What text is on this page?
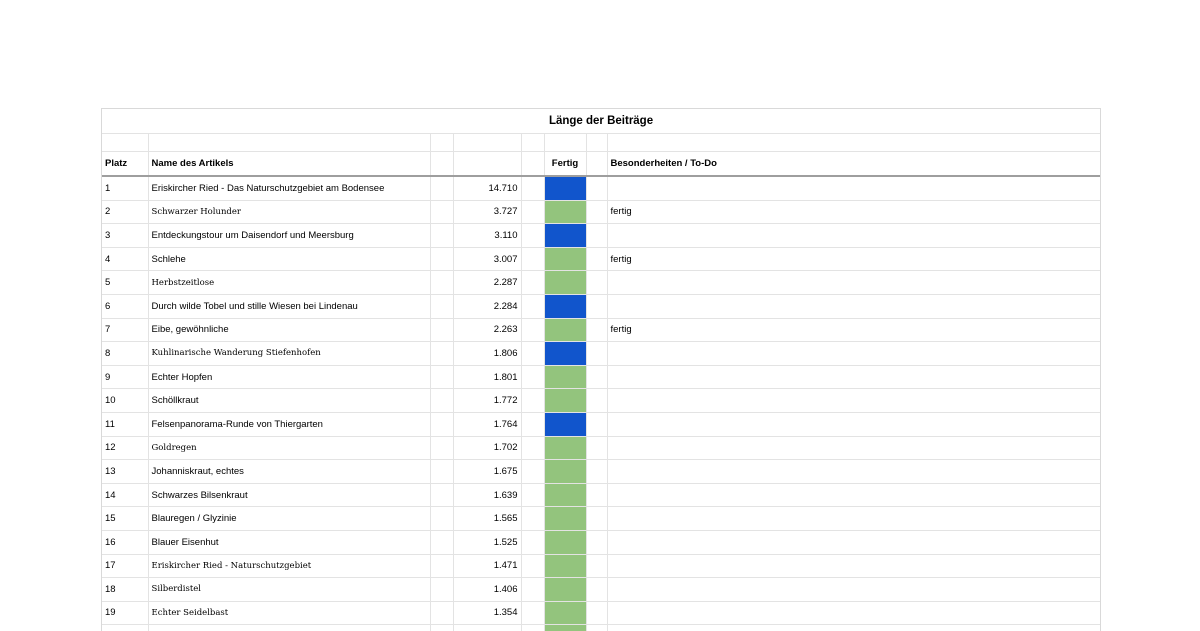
Länge der Beiträge							

Platz	Name des Artikels				Fertig		Besonderheiten / To-Do
1	Eriskircher Ried - Das Naturschutzgebiet am Bodensee		14.710				
2	Schwarzer Holunder		3.727				fertig
3	Entdeckungstour um Daisendorf und Meersburg		3.110				
4	Schlehe		3.007				fertig
5	Herbstzeitlose		2.287				
6	Durch wilde Tobel und stille Wiesen bei Lindenau		2.284				
7	Eibe, gewöhnliche		2.263				fertig
8	Kuhlinarische Wanderung Stiefenhofen		1.806				
9	Echter Hopfen		1.801				
10	Schöllkraut		1.772				
11	Felsenpanorama-Runde von Thiergarten		1.764				
12	Goldregen		1.702				
13	Johanniskraut, echtes		1.675				
14	Schwarzes Bilsenkraut		1.639				
15	Blauregen / Glyzinie		1.565				
16	Blauer Eisenhut		1.525				
17	Eriskircher Ried - Naturschutzgebiet		1.471				
18	Silberdistel		1.406				
19	Echter Seidelbast		1.354				
